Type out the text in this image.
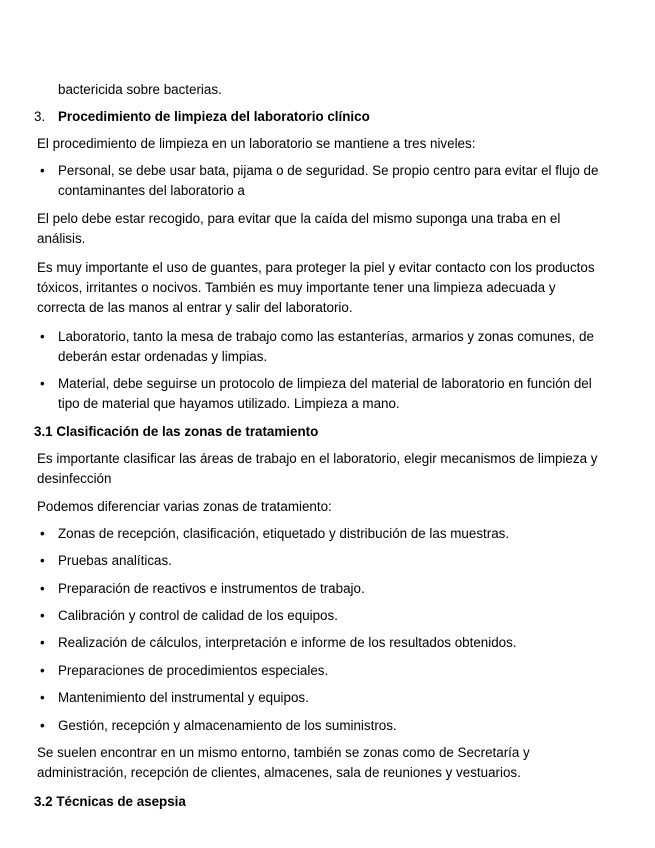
bactericida sobre bacterias.

3. Procedimiento de limpieza del laboratorio clínico

El procedimiento de limpieza en un laboratorio se mantiene a tres niveles:

• Personal, se debe usar bata, pijama o de seguridad. Se propio centro para evitar el flujo de contaminantes del laboratorio a

El pelo debe estar recogido, para evitar que la caída del mismo suponga una traba en el análisis.

Es muy importante el uso de guantes, para proteger la piel y evitar contacto con los productos tóxicos, irritantes o nocivos. También es muy importante tener una limpieza adecuada y correcta de las manos al entrar y salir del laboratorio.

• Laboratorio, tanto la mesa de trabajo como las estanterías, armarios y zonas comunes, de deberán estar ordenadas y limpias.
• Material, debe seguirse un protocolo de limpieza del material de laboratorio en función del tipo de material que hayamos utilizado. Limpieza a mano.

3.1 Clasificación de las zonas de tratamiento

Es importante clasificar las áreas de trabajo en el laboratorio, elegir mecanismos de limpieza y desinfección

Podemos diferenciar varias zonas de tratamiento:

• Zonas de recepción, clasificación, etiquetado y distribución de las muestras.
• Pruebas analíticas.
• Preparación de reactivos e instrumentos de trabajo.
• Calibración y control de calidad de los equipos.
• Realización de cálculos, interpretación e informe de los resultados obtenidos.
• Preparaciones de procedimientos especiales.
• Mantenimiento del instrumental y equipos.
• Gestión, recepción y almacenamiento de los suministros.

Se suelen encontrar en un mismo entorno, también se zonas como de Secretaría y administración, recepción de clientes, almacenes, sala de reuniones y vestuarios.

3.2 Técnicas de asepsia
